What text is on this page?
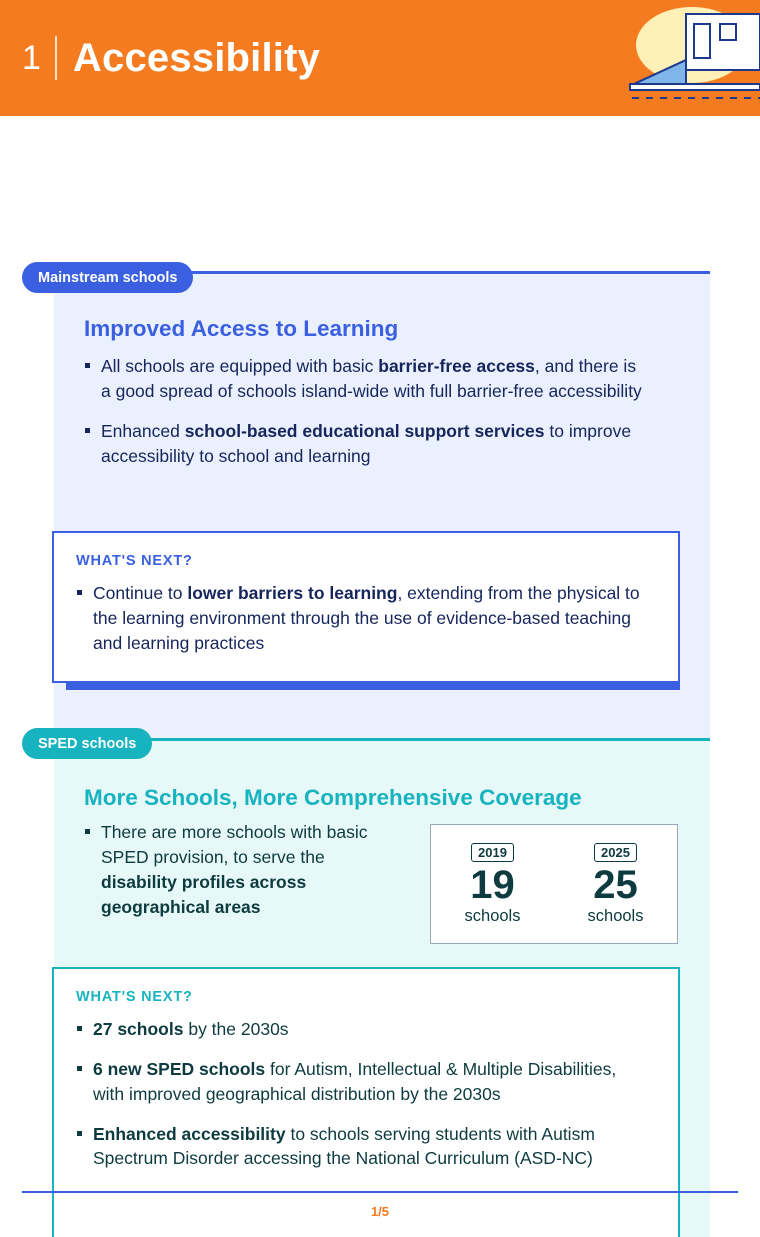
1 Accessibility
Mainstream schools
Improved Access to Learning
All schools are equipped with basic barrier-free access, and there is a good spread of schools island-wide with full barrier-free accessibility
Enhanced school-based educational support services to improve accessibility to school and learning
WHAT'S NEXT?
Continue to lower barriers to learning, extending from the physical to the learning environment through the use of evidence-based teaching and learning practices
SPED schools
More Schools, More Comprehensive Coverage
There are more schools with basic SPED provision, to serve the disability profiles across geographical areas
2019
19
schools
2025
25
schools
WHAT'S NEXT?
27 schools by the 2030s
6 new SPED schools for Autism, Intellectual & Multiple Disabilities, with improved geographical distribution by the 2030s
Enhanced accessibility to schools serving students with Autism Spectrum Disorder accessing the National Curriculum (ASD-NC)
1/5
